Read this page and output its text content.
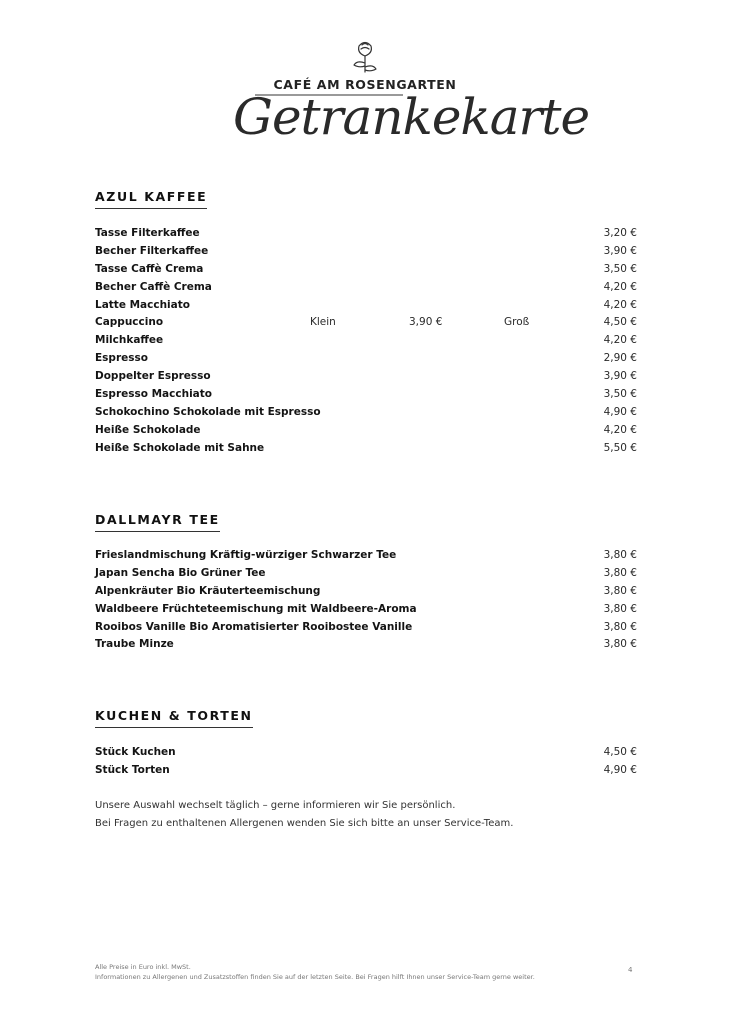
CAFÉ AM ROSENGARTEN
Getrankekarte
AZUL KAFFEE
Tasse Filterkaffee	3,20 €
Becher Filterkaffee	3,90 €
Tasse Caffè Crema	3,50 €
Becher Caffè Crema	4,20 €
Latte Macchiato	4,20 €
Cappuccino	Klein	3,90 €	Groß	4,50 €
Milchkaffee	4,20 €
Espresso	2,90 €
Doppelter Espresso	3,90 €
Espresso Macchiato	3,50 €
Schokochino Schokolade mit Espresso	4,90 €
Heiße Schokolade	4,20 €
Heiße Schokolade mit Sahne	5,50 €
DALLMAYR TEE
Frieslandmischung Kräftig-würziger Schwarzer Tee	3,80 €
Japan Sencha Bio Grüner Tee	3,80 €
Alpenkräuter Bio Kräuterteemischung	3,80 €
Waldbeere Früchteteemischung mit Waldbeere-Aroma	3,80 €
Rooibos Vanille Bio Aromatisierter Rooibostee Vanille	3,80 €
Traube Minze	3,80 €
KUCHEN & TORTEN
Stück Kuchen	4,50 €
Stück Torten	4,90 €
Unsere Auswahl wechselt täglich – gerne informieren wir Sie persönlich.
Bei Fragen zu enthaltenen Allergenen wenden Sie sich bitte an unser Service-Team.
Alle Preise in Euro inkl. MwSt.
Informationen zu Allergenen und Zusatzstoffen finden Sie auf der letzten Seite. Bei Fragen hilft Ihnen unser Service-Team gerne weiter.
4
